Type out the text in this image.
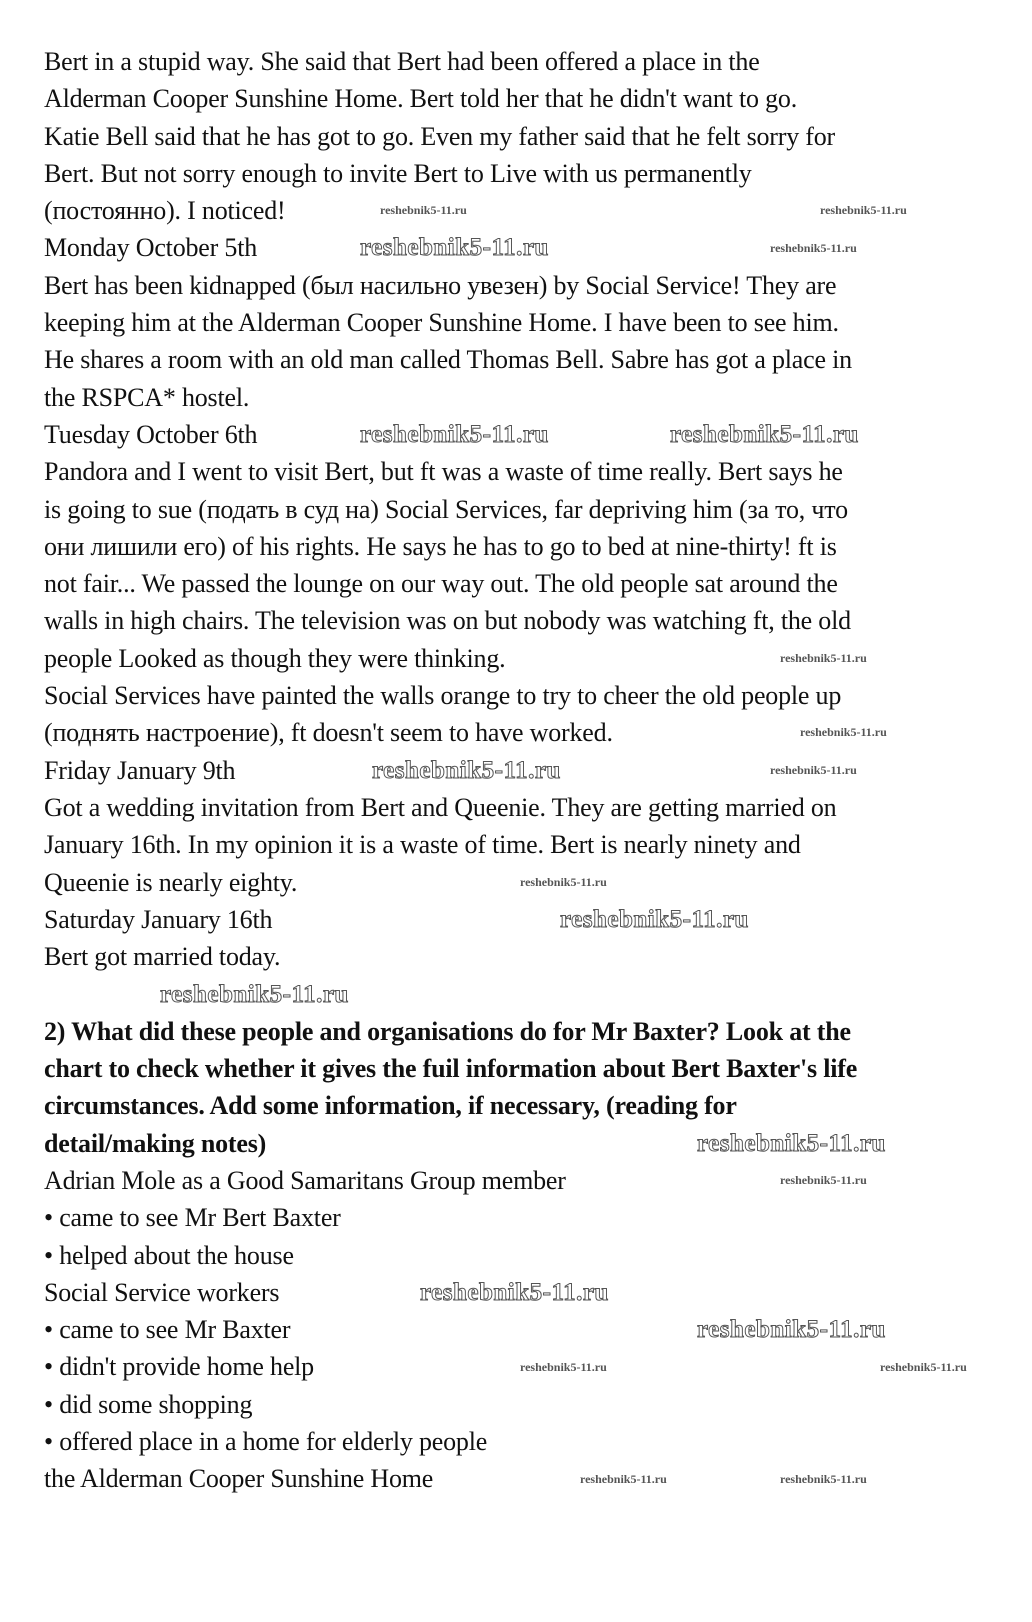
Bert in a stupid way. She said that Bert had been offered a place in the
Alderman Cooper Sunshine Home. Bert told her that he didn't want to go.
Katie Bell said that he has got to go. Even my father said that he felt sorry for
Bert. But not sorry enough to invite Bert to Live with us permanently
(постоянно). I noticed!
Monday October 5th
Bert has been kidnapped (был насильно увезен) by Social Service! They are
keeping him at the Alderman Cooper Sunshine Home. I have been to see him.
He shares a room with an old man called Thomas Bell. Sabre has got a place in
the RSPCA* hostel.
Tuesday October 6th
Pandora and I went to visit Bert, but ft was a waste of time really. Bert says he
is going to sue (подать в суд на) Social Services, far depriving him (за то, что
они лишили его) of his rights. He says he has to go to bed at nine-thirty! ft is
not fair... We passed the lounge on our way out. The old people sat around the
walls in high chairs. The television was on but nobody was watching ft, the old
people Looked as though they were thinking.
Social Services have painted the walls orange to try to cheer the old people up
(поднять настроение), ft doesn't seem to have worked.
Friday January 9th
Got a wedding invitation from Bert and Queenie. They are getting married on
January 16th. In my opinion it is a waste of time. Bert is nearly ninety and
Queenie is nearly eighty.
Saturday January 16th
Bert got married today.
2) What did these people and organisations do for Mr Baxter? Look at the
chart to check whether it gives the fuil information about Bert Baxter's life
circumstances. Add some information, if necessary, (reading for
detail/making notes)
Adrian Mole as a Good Samaritans Group member
• came to see Mr Bert Baxter
• helped about the house
Social Service workers
• came to see Mr Baxter
• didn't provide home help
• did some shopping
• offered place in a home for elderly people
the Alderman Cooper Sunshine Home
reshebnik5-11.ru	reshebnik5-11.ru
reshebnik5-11.ru	reshebnik5-11.ru
reshebnik5-11.ru	reshebnik5-11.ru
reshebnik5-11.ru
reshebnik5-11.ru
reshebnik5-11.ru	reshebnik5-11.ru
reshebnik5-11.ru
reshebnik5-11.ru
reshebnik5-11.ru
reshebnik5-11.ru
reshebnik5-11.ru
reshebnik5-11.ru
reshebnik5-11.ru
reshebnik5-11.ru
reshebnik5-11.ru	reshebnik5-11.ru
reshebnik5-11.ru
